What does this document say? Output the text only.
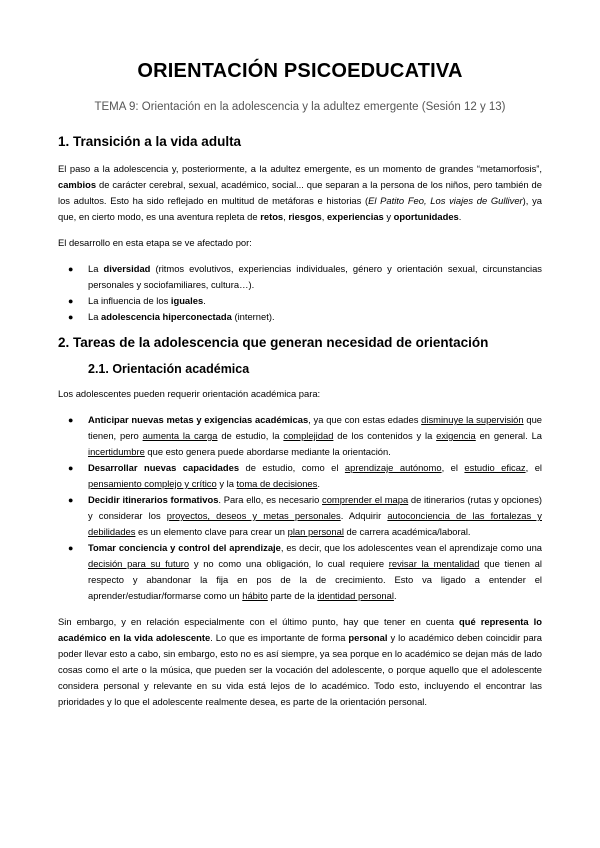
ORIENTACIÓN PSICOEDUCATIVA
TEMA 9: Orientación en la adolescencia y la adultez emergente (Sesión 12 y 13)
1. Transición a la vida adulta

El paso a la adolescencia y, posteriormente, a la adultez emergente, es un momento de grandes “metamorfosis”, cambios de carácter cerebral, sexual, académico, social... que separan a la persona de los niños, pero también de los adultos. Esto ha sido reflejado en multitud de metáforas e historias (El Patito Feo, Los viajes de Gulliver), ya que, en cierto modo, es una aventura repleta de retos, riesgos, experiencias y oportunidades.

El desarrollo en esta etapa se ve afectado por:

● La diversidad (ritmos evolutivos, experiencias individuales, género y orientación sexual, circunstancias personales y sociofamiliares, cultura…).
● La influencia de los iguales.
● La adolescencia hiperconectada (internet).
2. Tareas de la adolescencia que generan necesidad de orientación
2.1. Orientación académica

Los adolescentes pueden requerir orientación académica para:

● Anticipar nuevas metas y exigencias académicas, ya que con estas edades disminuye la supervisión que tienen, pero aumenta la carga de estudio, la complejidad de los contenidos y la exigencia en general. La incertidumbre que esto genera puede abordarse mediante la orientación.
● Desarrollar nuevas capacidades de estudio, como el aprendizaje autónomo, el estudio eficaz, el pensamiento complejo y crítico y la toma de decisiones.
● Decidir itinerarios formativos. Para ello, es necesario comprender el mapa de itinerarios (rutas y opciones) y considerar los proyectos, deseos y metas personales. Adquirir autoconciencia de las fortalezas y debilidades es un elemento clave para crear un plan personal de carrera académica/laboral.
● Tomar conciencia y control del aprendizaje, es decir, que los adolescentes vean el aprendizaje como una decisión para su futuro y no como una obligación, lo cual requiere revisar la mentalidad que tienen al respecto y abandonar la fija en pos de la de crecimiento. Esto va ligado a entender el aprender/estudiar/formarse como un hábito parte de la identidad personal.

Sin embargo, y en relación especialmente con el último punto, hay que tener en cuenta qué representa lo académico en la vida adolescente. Lo que es importante de forma personal y lo académico deben coincidir para poder llevar esto a cabo, sin embargo, esto no es así siempre, ya sea porque en lo académico se dejan más de lado cosas como el arte o la música, que pueden ser la vocación del adolescente, o porque aquello que el adolescente considera personal y relevante en su vida está lejos de lo académico. Todo esto, incluyendo el encontrar las prioridades y lo que el adolescente realmente desea, es parte de la orientación personal.
